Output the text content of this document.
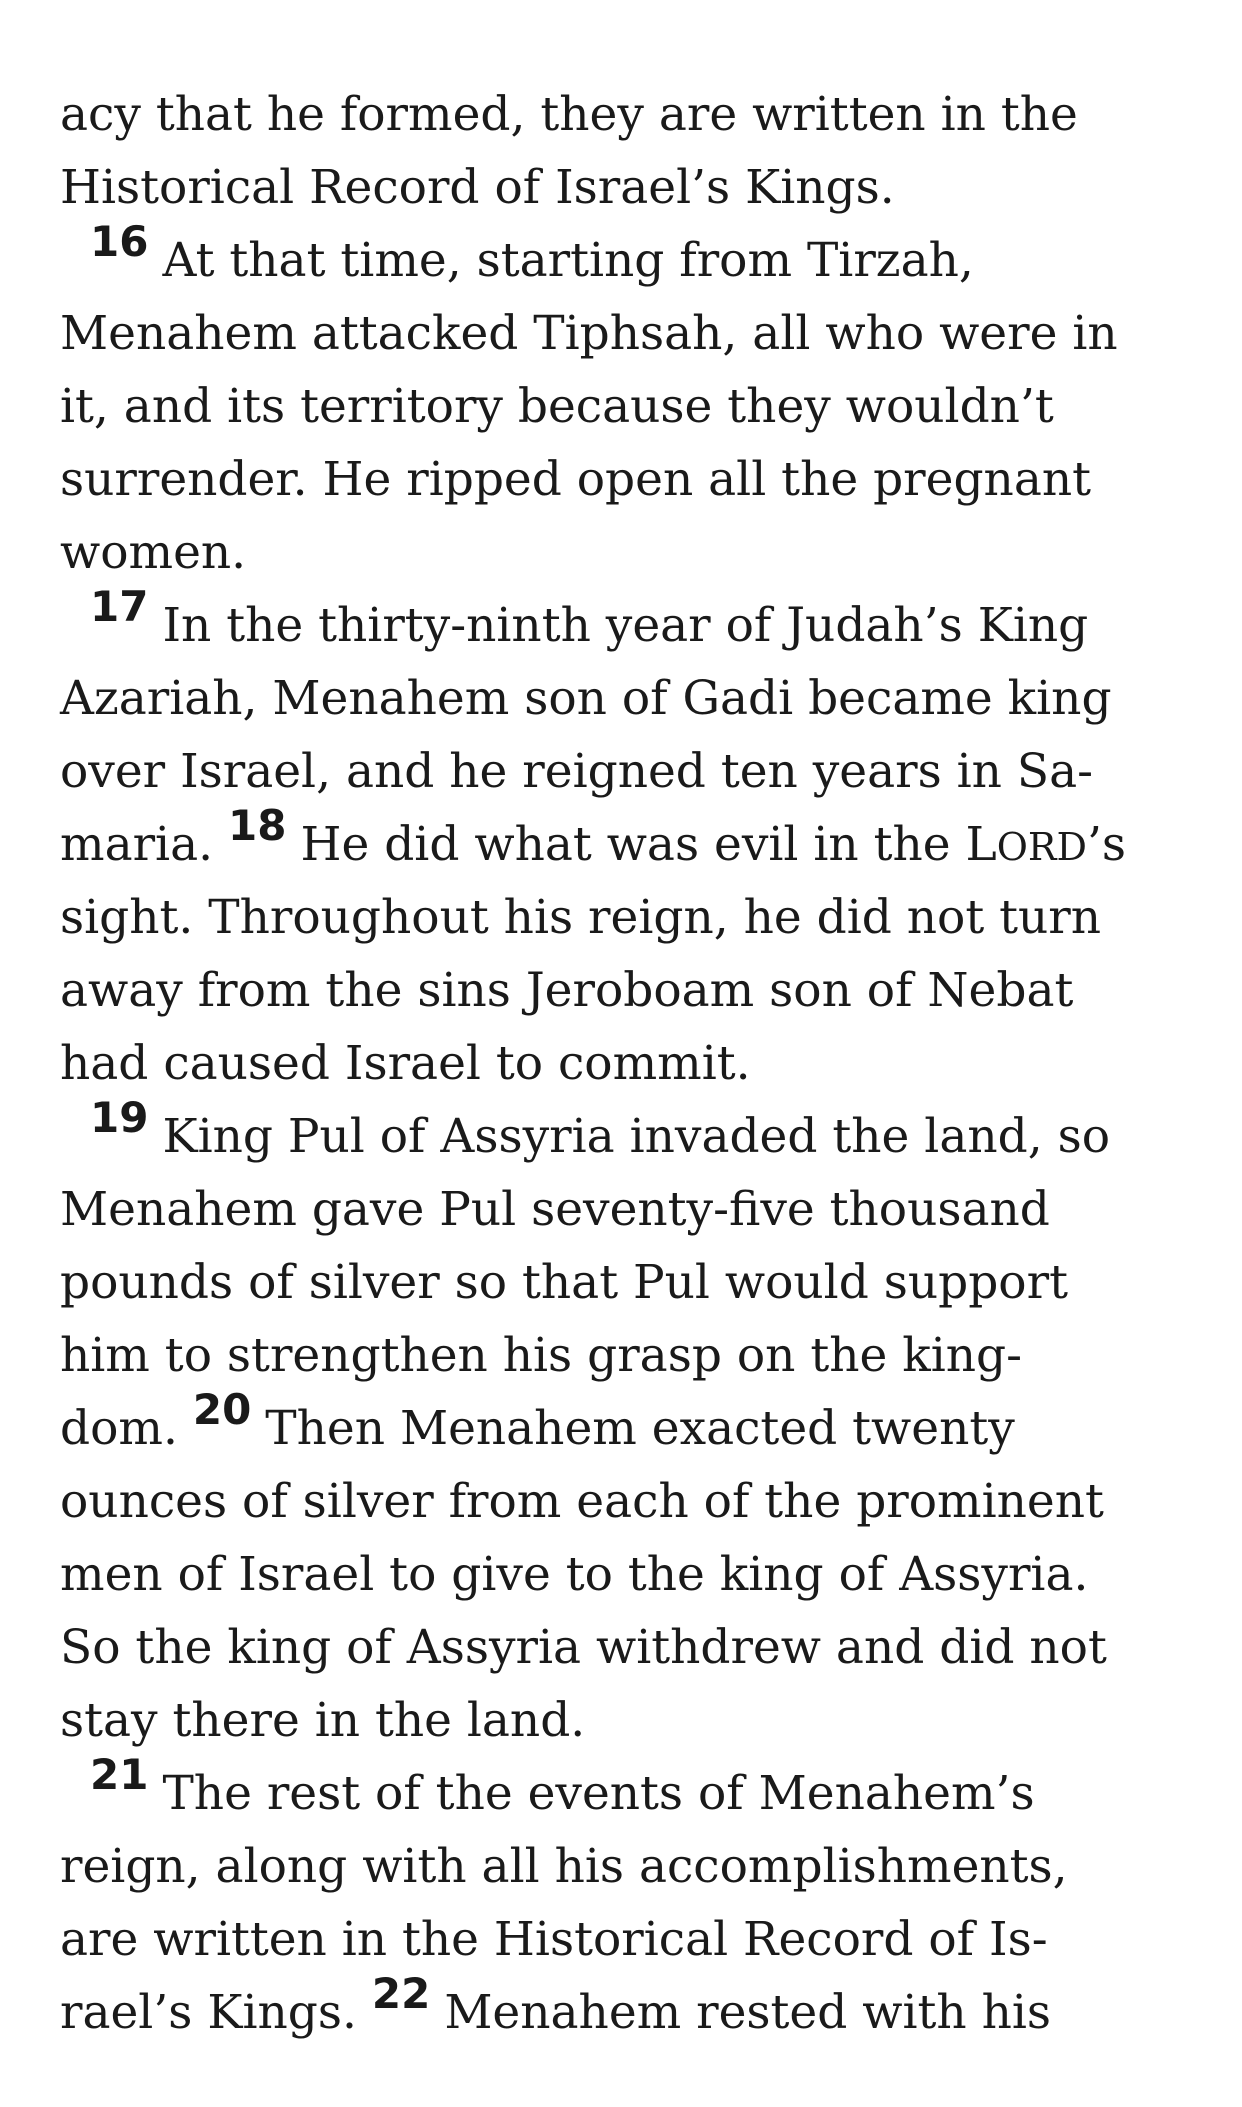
acy that he formed, they are written in the
Historical Record of Israel’s Kings.
16 At that time, starting from Tirzah,
Menahem attacked Tiphsah, all who were in
it, and its territory because they wouldn’t
surrender. He ripped open all the pregnant
women.
17 In the thirty-ninth year of Judah’s King
Azariah, Menahem son of Gadi became king
over Israel, and he reigned ten years in Sa-
maria. 18 He did what was evil in the LORD’s
sight. Throughout his reign, he did not turn
away from the sins Jeroboam son of Nebat
had caused Israel to commit.
19 King Pul of Assyria invaded the land, so
Menahem gave Pul seventy-five thousand
pounds of silver so that Pul would support
him to strengthen his grasp on the king-
dom. 20 Then Menahem exacted twenty
ounces of silver from each of the prominent
men of Israel to give to the king of Assyria.
So the king of Assyria withdrew and did not
stay there in the land.
21 The rest of the events of Menahem’s
reign, along with all his accomplishments,
are written in the Historical Record of Is-
rael’s Kings. 22 Menahem rested with his
